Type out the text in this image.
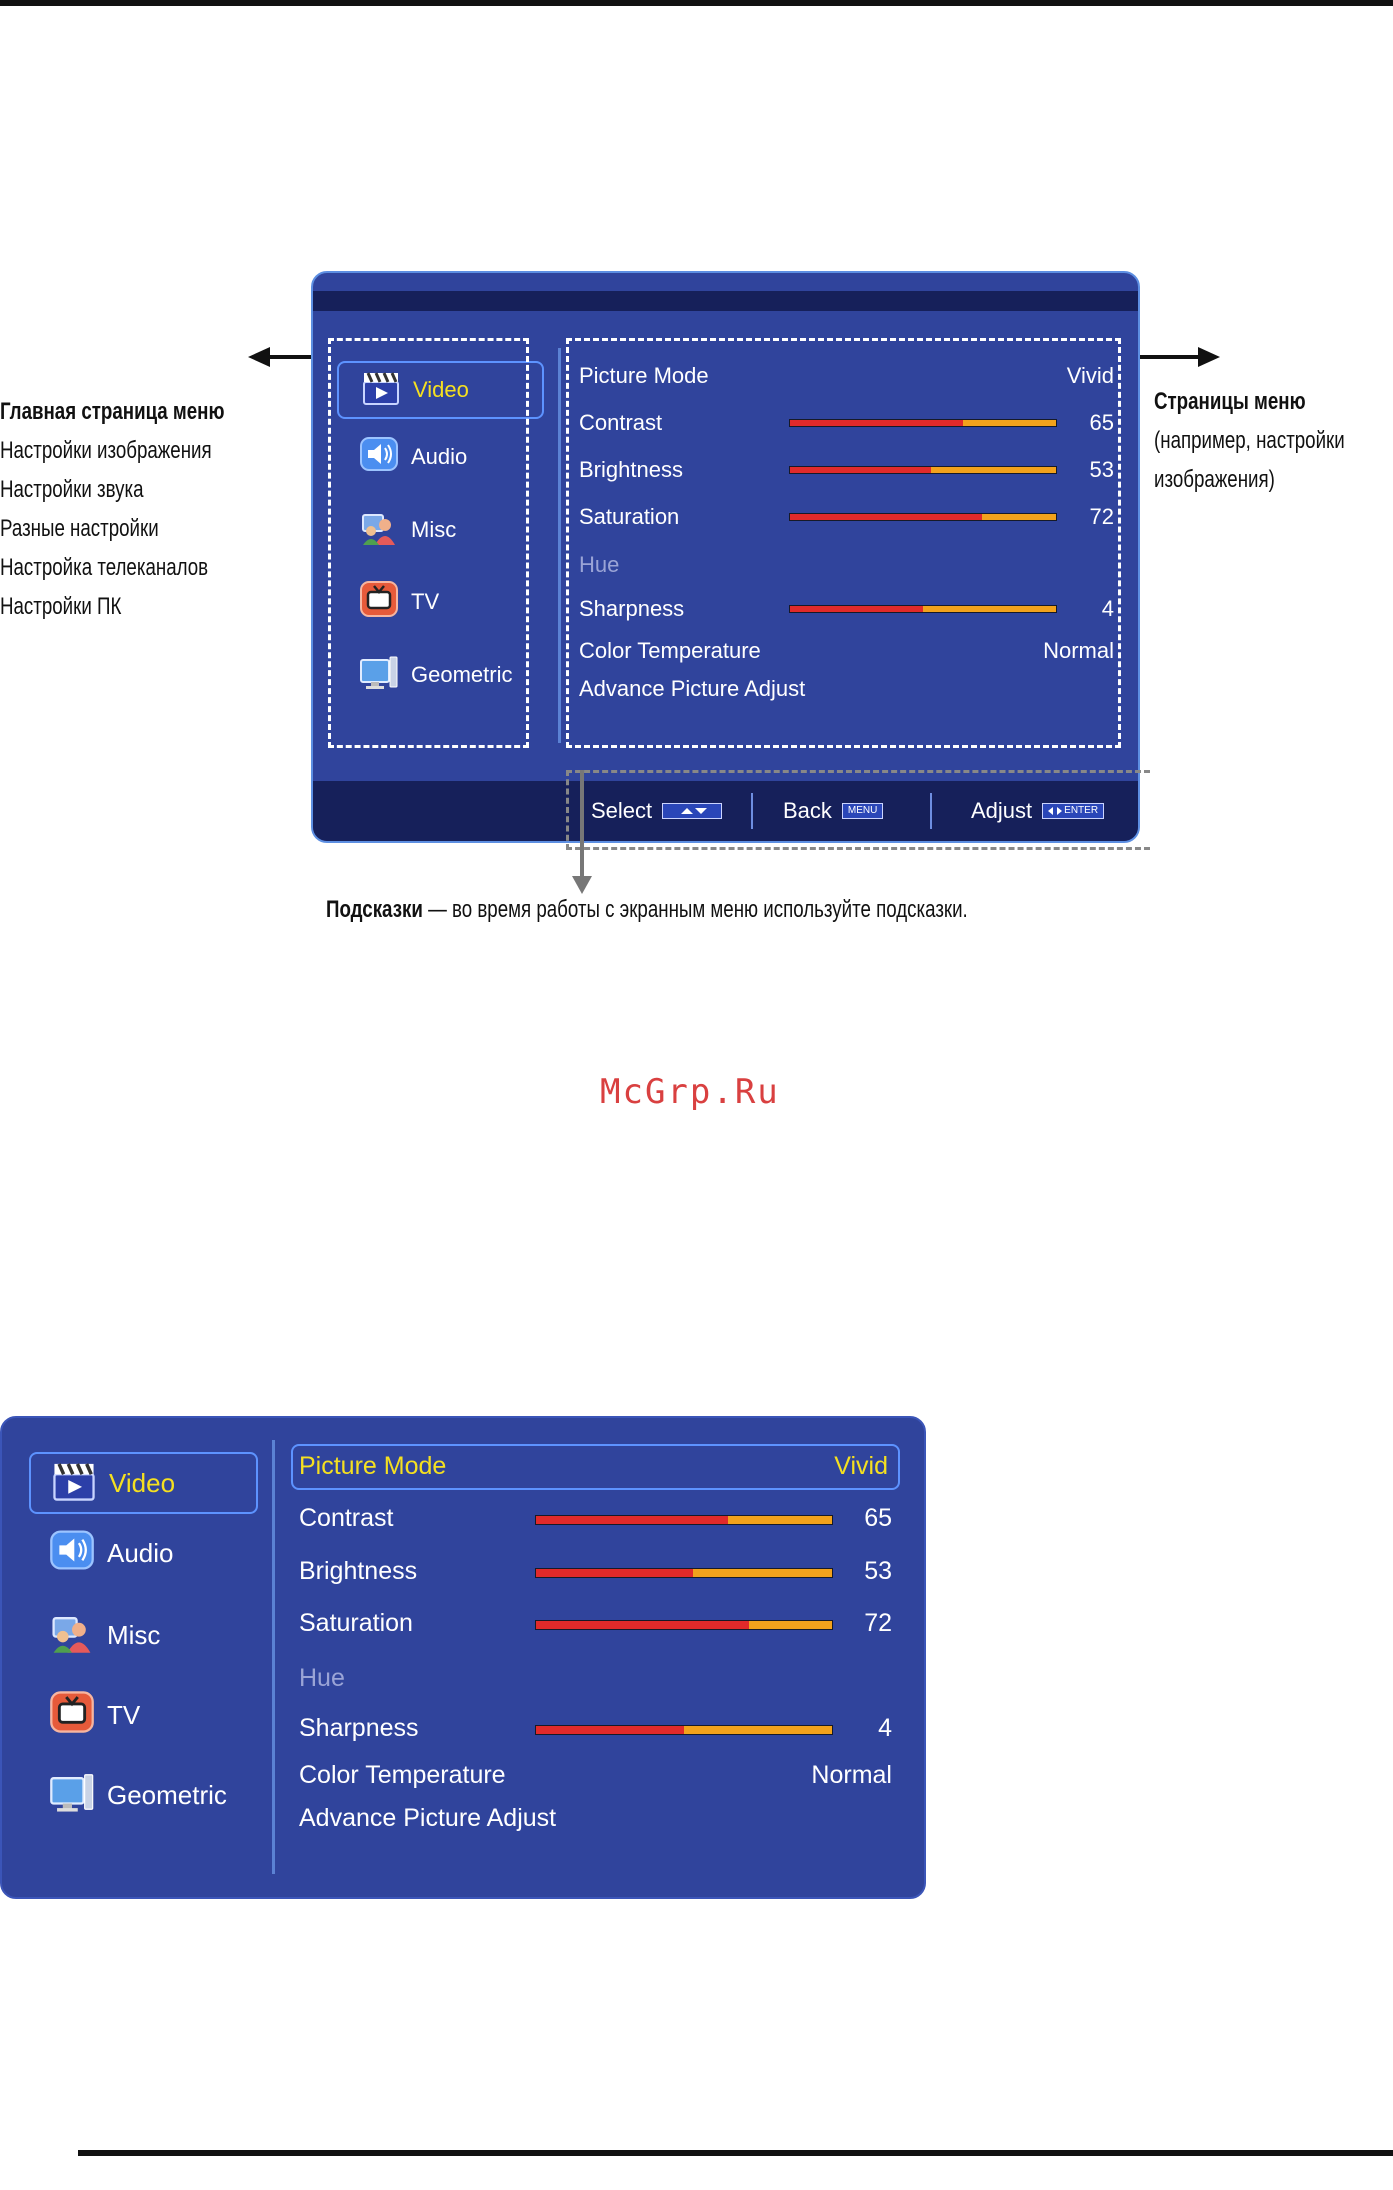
Главная страница меню
Настройки изображения
Настройки звука
Разные настройки
Настройка телеканалов
Настройки ПК
Страницы меню
(например, настройки
изображения)
Video
Audio
Misc
TV
Geometric
Picture Mode	Vivid
Contrast	65
Brightness	53
Saturation	72
Hue
Sharpness	4
Color Temperature	Normal
Advance Picture Adjust
Select	Back	MENU	Adjust	ENTER
Подсказки — во время работы с экранным меню используйте подсказки.
McGrp.Ru
Video
Audio
Misc
TV
Geometric
Picture Mode	Vivid
Contrast	65
Brightness	53
Saturation	72
Hue
Sharpness	4
Color Temperature	Normal
Advance Picture Adjust
